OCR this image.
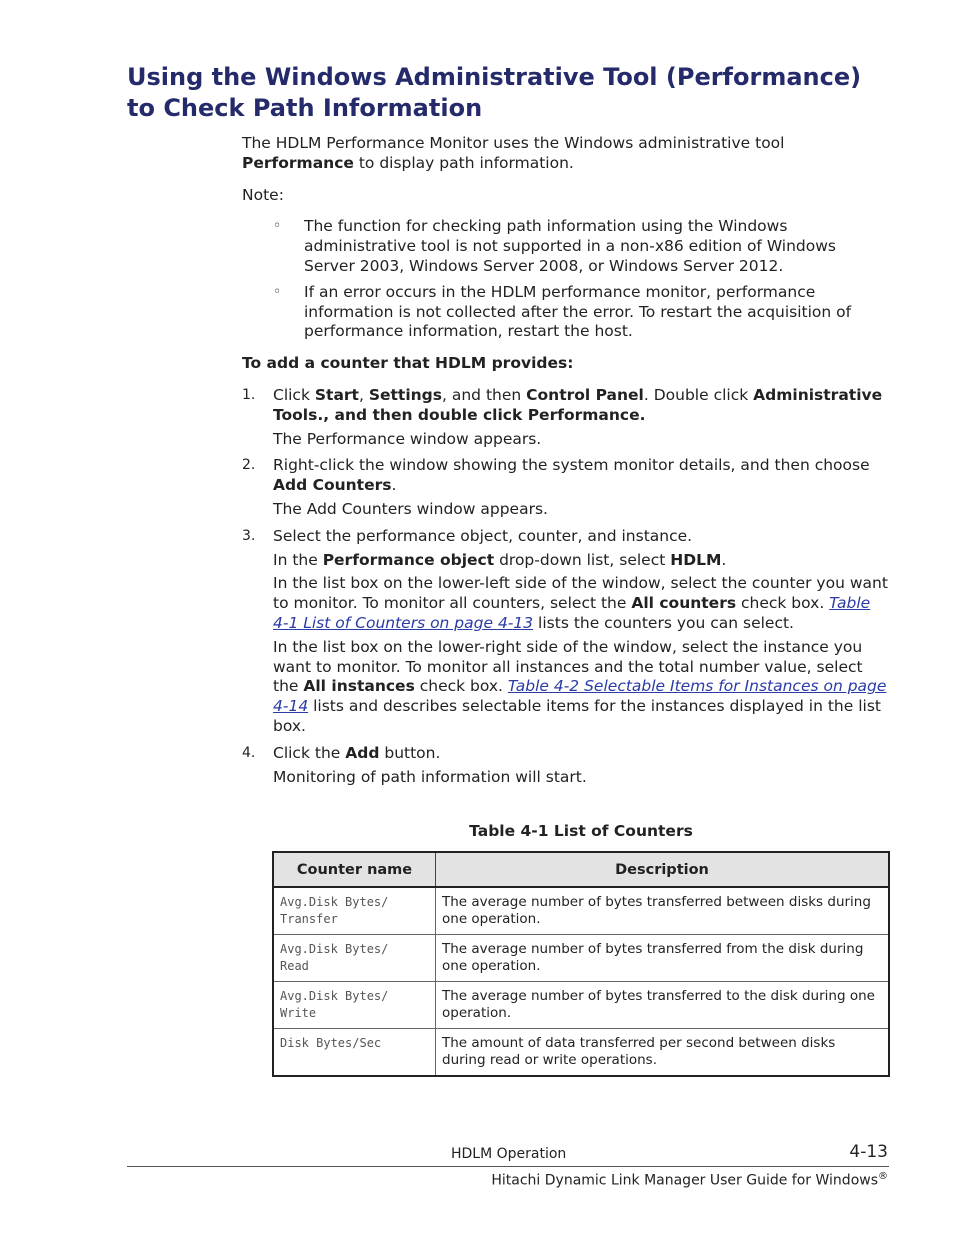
Using the Windows Administrative Tool (Performance) to Check Path Information

The HDLM Performance Monitor uses the Windows administrative tool Performance to display path information.

Note:

◦ The function for checking path information using the Windows administrative tool is not supported in a non-x86 edition of Windows Server 2003, Windows Server 2008, or Windows Server 2012.
◦ If an error occurs in the HDLM performance monitor, performance information is not collected after the error. To restart the acquisition of performance information, restart the host.

To add a counter that HDLM provides:

1. Click Start, Settings, and then Control Panel. Double click Administrative Tools., and then double click Performance.

The Performance window appears.

2. Right-click the window showing the system monitor details, and then choose Add Counters.

The Add Counters window appears.

3. Select the performance object, counter, and instance.

In the Performance object drop-down list, select HDLM.

In the list box on the lower-left side of the window, select the counter you want to monitor. To monitor all counters, select the All counters check box. Table 4-1 List of Counters on page 4-13 lists the counters you can select.

In the list box on the lower-right side of the window, select the instance you want to monitor. To monitor all instances and the total number value, select the All instances check box. Table 4-2 Selectable Items for Instances on page 4-14 lists and describes selectable items for the instances displayed in the list box.

4. Click the Add button.

Monitoring of path information will start.

Table 4-1 List of Counters
Counter name	Description
Avg.Disk Bytes/
Transfer	The average number of bytes transferred between disks during one operation.
Avg.Disk Bytes/
Read	The average number of bytes transferred from the disk during one operation.
Avg.Disk Bytes/
Write	The average number of bytes transferred to the disk during one operation.
Disk Bytes/Sec	The amount of data transferred per second between disks during read or write operations.
HDLM Operation	4-13
Hitachi Dynamic Link Manager User Guide for Windows®
